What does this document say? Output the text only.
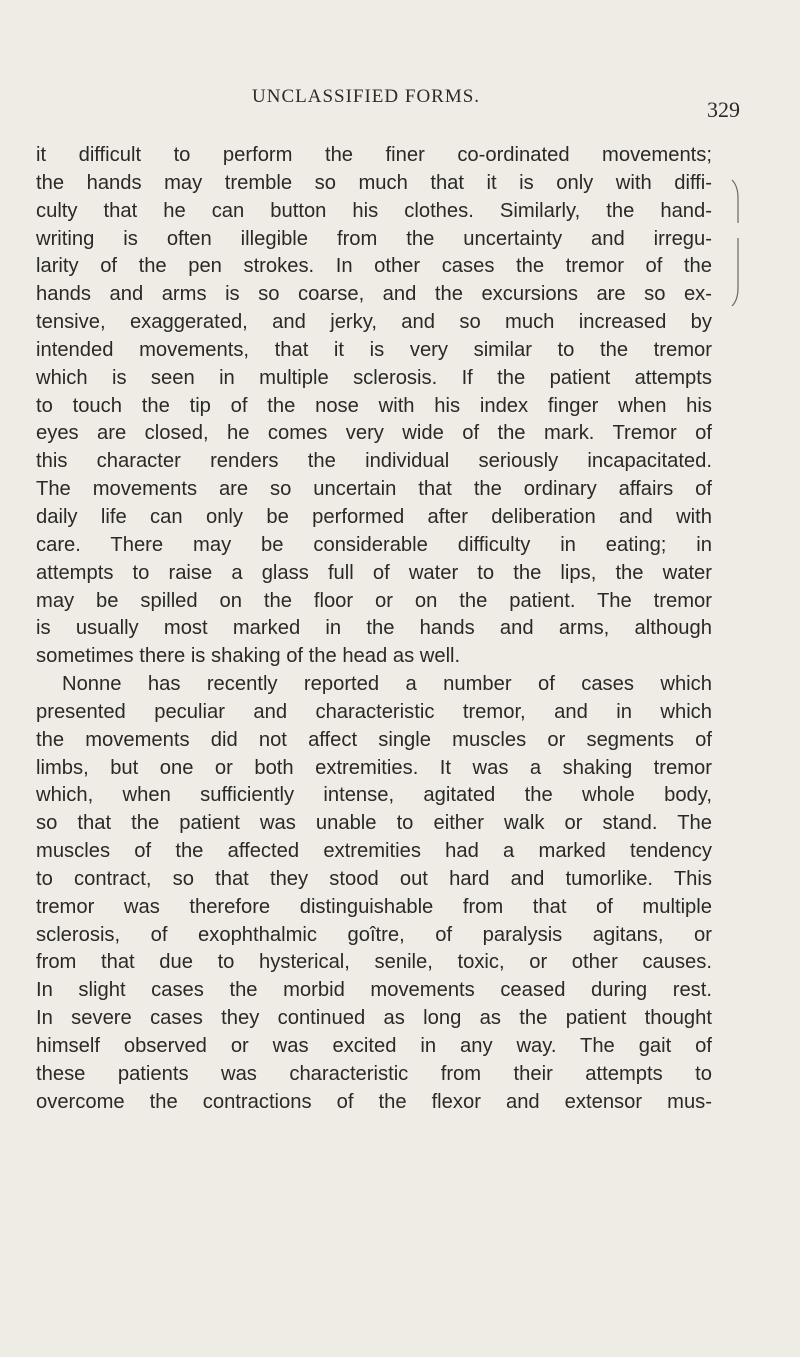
UNCLASSIFIED FORMS.
329
it difficult to perform the finer co-ordinated movements;
the hands may tremble so much that it is only with diffi-
culty that he can button his clothes. Similarly, the hand-
writing is often illegible from the uncertainty and irregu-
larity of the pen strokes. In other cases the tremor of the
hands and arms is so coarse, and the excursions are so ex-
tensive, exaggerated, and jerky, and so much increased by
intended movements, that it is very similar to the tremor
which is seen in multiple sclerosis. If the patient attempts
to touch the tip of the nose with his index finger when his
eyes are closed, he comes very wide of the mark. Tremor of
this character renders the individual seriously incapacitated.
The movements are so uncertain that the ordinary affairs of
daily life can only be performed after deliberation and with
care. There may be considerable difficulty in eating; in
attempts to raise a glass full of water to the lips, the water
may be spilled on the floor or on the patient. The tremor
is usually most marked in the hands and arms, although
sometimes there is shaking of the head as well.
Nonne has recently reported a number of cases which
presented peculiar and characteristic tremor, and in which
the movements did not affect single muscles or segments of
limbs, but one or both extremities. It was a shaking tremor
which, when sufficiently intense, agitated the whole body,
so that the patient was unable to either walk or stand. The
muscles of the affected extremities had a marked tendency
to contract, so that they stood out hard and tumorlike. This
tremor was therefore distinguishable from that of multiple
sclerosis, of exophthalmic goître, of paralysis agitans, or
from that due to hysterical, senile, toxic, or other causes.
In slight cases the morbid movements ceased during rest.
In severe cases they continued as long as the patient thought
himself observed or was excited in any way. The gait of
these patients was characteristic from their attempts to
overcome the contractions of the flexor and extensor mus-
